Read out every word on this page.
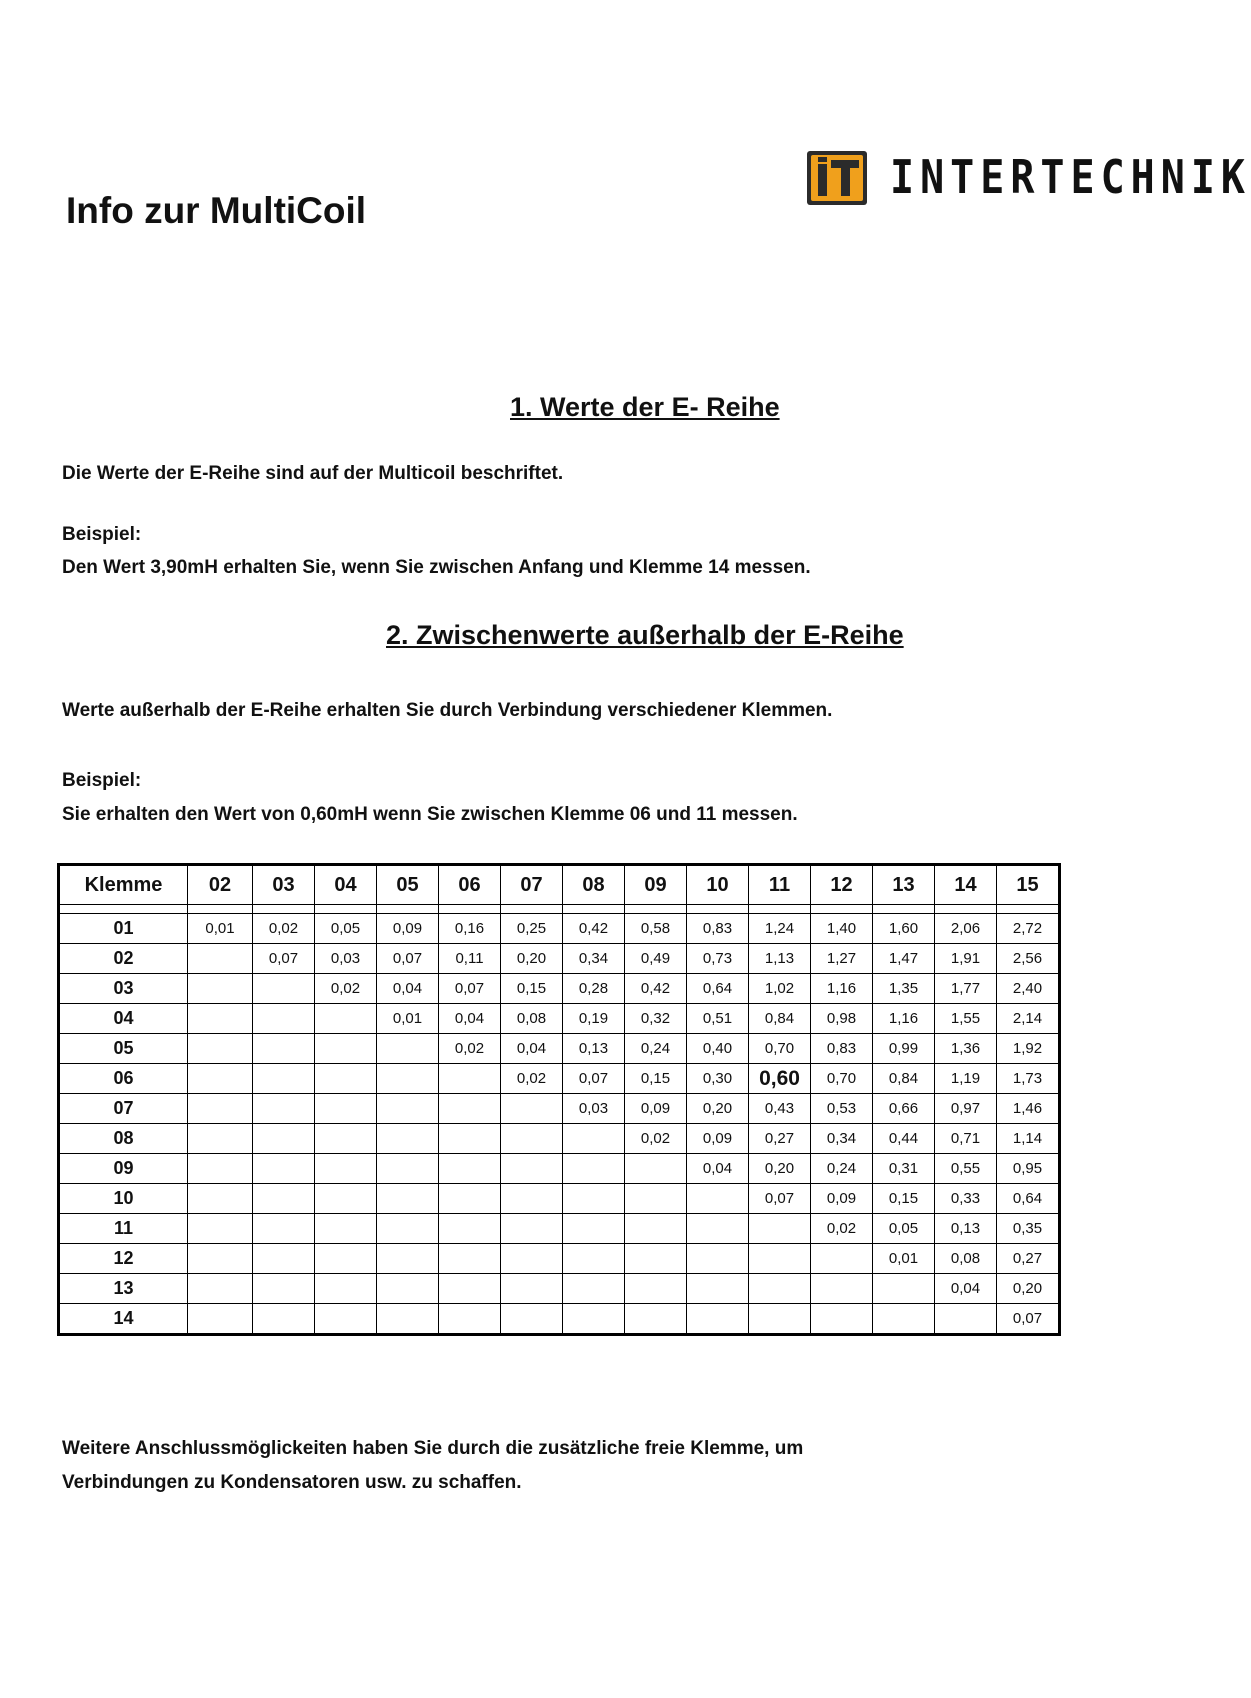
Info zur MultiCoil
INTERTECHNIK
1. Werte der E- Reihe

Die Werte der E-Reihe sind auf der Multicoil beschriftet.

Beispiel:

Den Wert 3,90mH erhalten Sie, wenn Sie zwischen Anfang und Klemme 14 messen.

2. Zwischenwerte außerhalb der E-Reihe

Werte außerhalb der E-Reihe erhalten Sie durch Verbindung verschiedener Klemmen.

Beispiel:

Sie erhalten den Wert von 0,60mH wenn Sie zwischen Klemme 06 und 11 messen.

Klemme	02	03	04	05	06	07	08	09	10	11	12	13	14	15

01	0,01	0,02	0,05	0,09	0,16	0,25	0,42	0,58	0,83	1,24	1,40	1,60	2,06	2,72
02		0,07	0,03	0,07	0,11	0,20	0,34	0,49	0,73	1,13	1,27	1,47	1,91	2,56
03			0,02	0,04	0,07	0,15	0,28	0,42	0,64	1,02	1,16	1,35	1,77	2,40
04				0,01	0,04	0,08	0,19	0,32	0,51	0,84	0,98	1,16	1,55	2,14
05					0,02	0,04	0,13	0,24	0,40	0,70	0,83	0,99	1,36	1,92
06						0,02	0,07	0,15	0,30	0,60	0,70	0,84	1,19	1,73
07							0,03	0,09	0,20	0,43	0,53	0,66	0,97	1,46
08								0,02	0,09	0,27	0,34	0,44	0,71	1,14
09									0,04	0,20	0,24	0,31	0,55	0,95
10										0,07	0,09	0,15	0,33	0,64
11											0,02	0,05	0,13	0,35
12												0,01	0,08	0,27
13													0,04	0,20
14														0,07

Weitere Anschlussmöglickeiten haben Sie durch die zusätzliche freie Klemme, um
Verbindungen zu Kondensatoren usw. zu schaffen.
